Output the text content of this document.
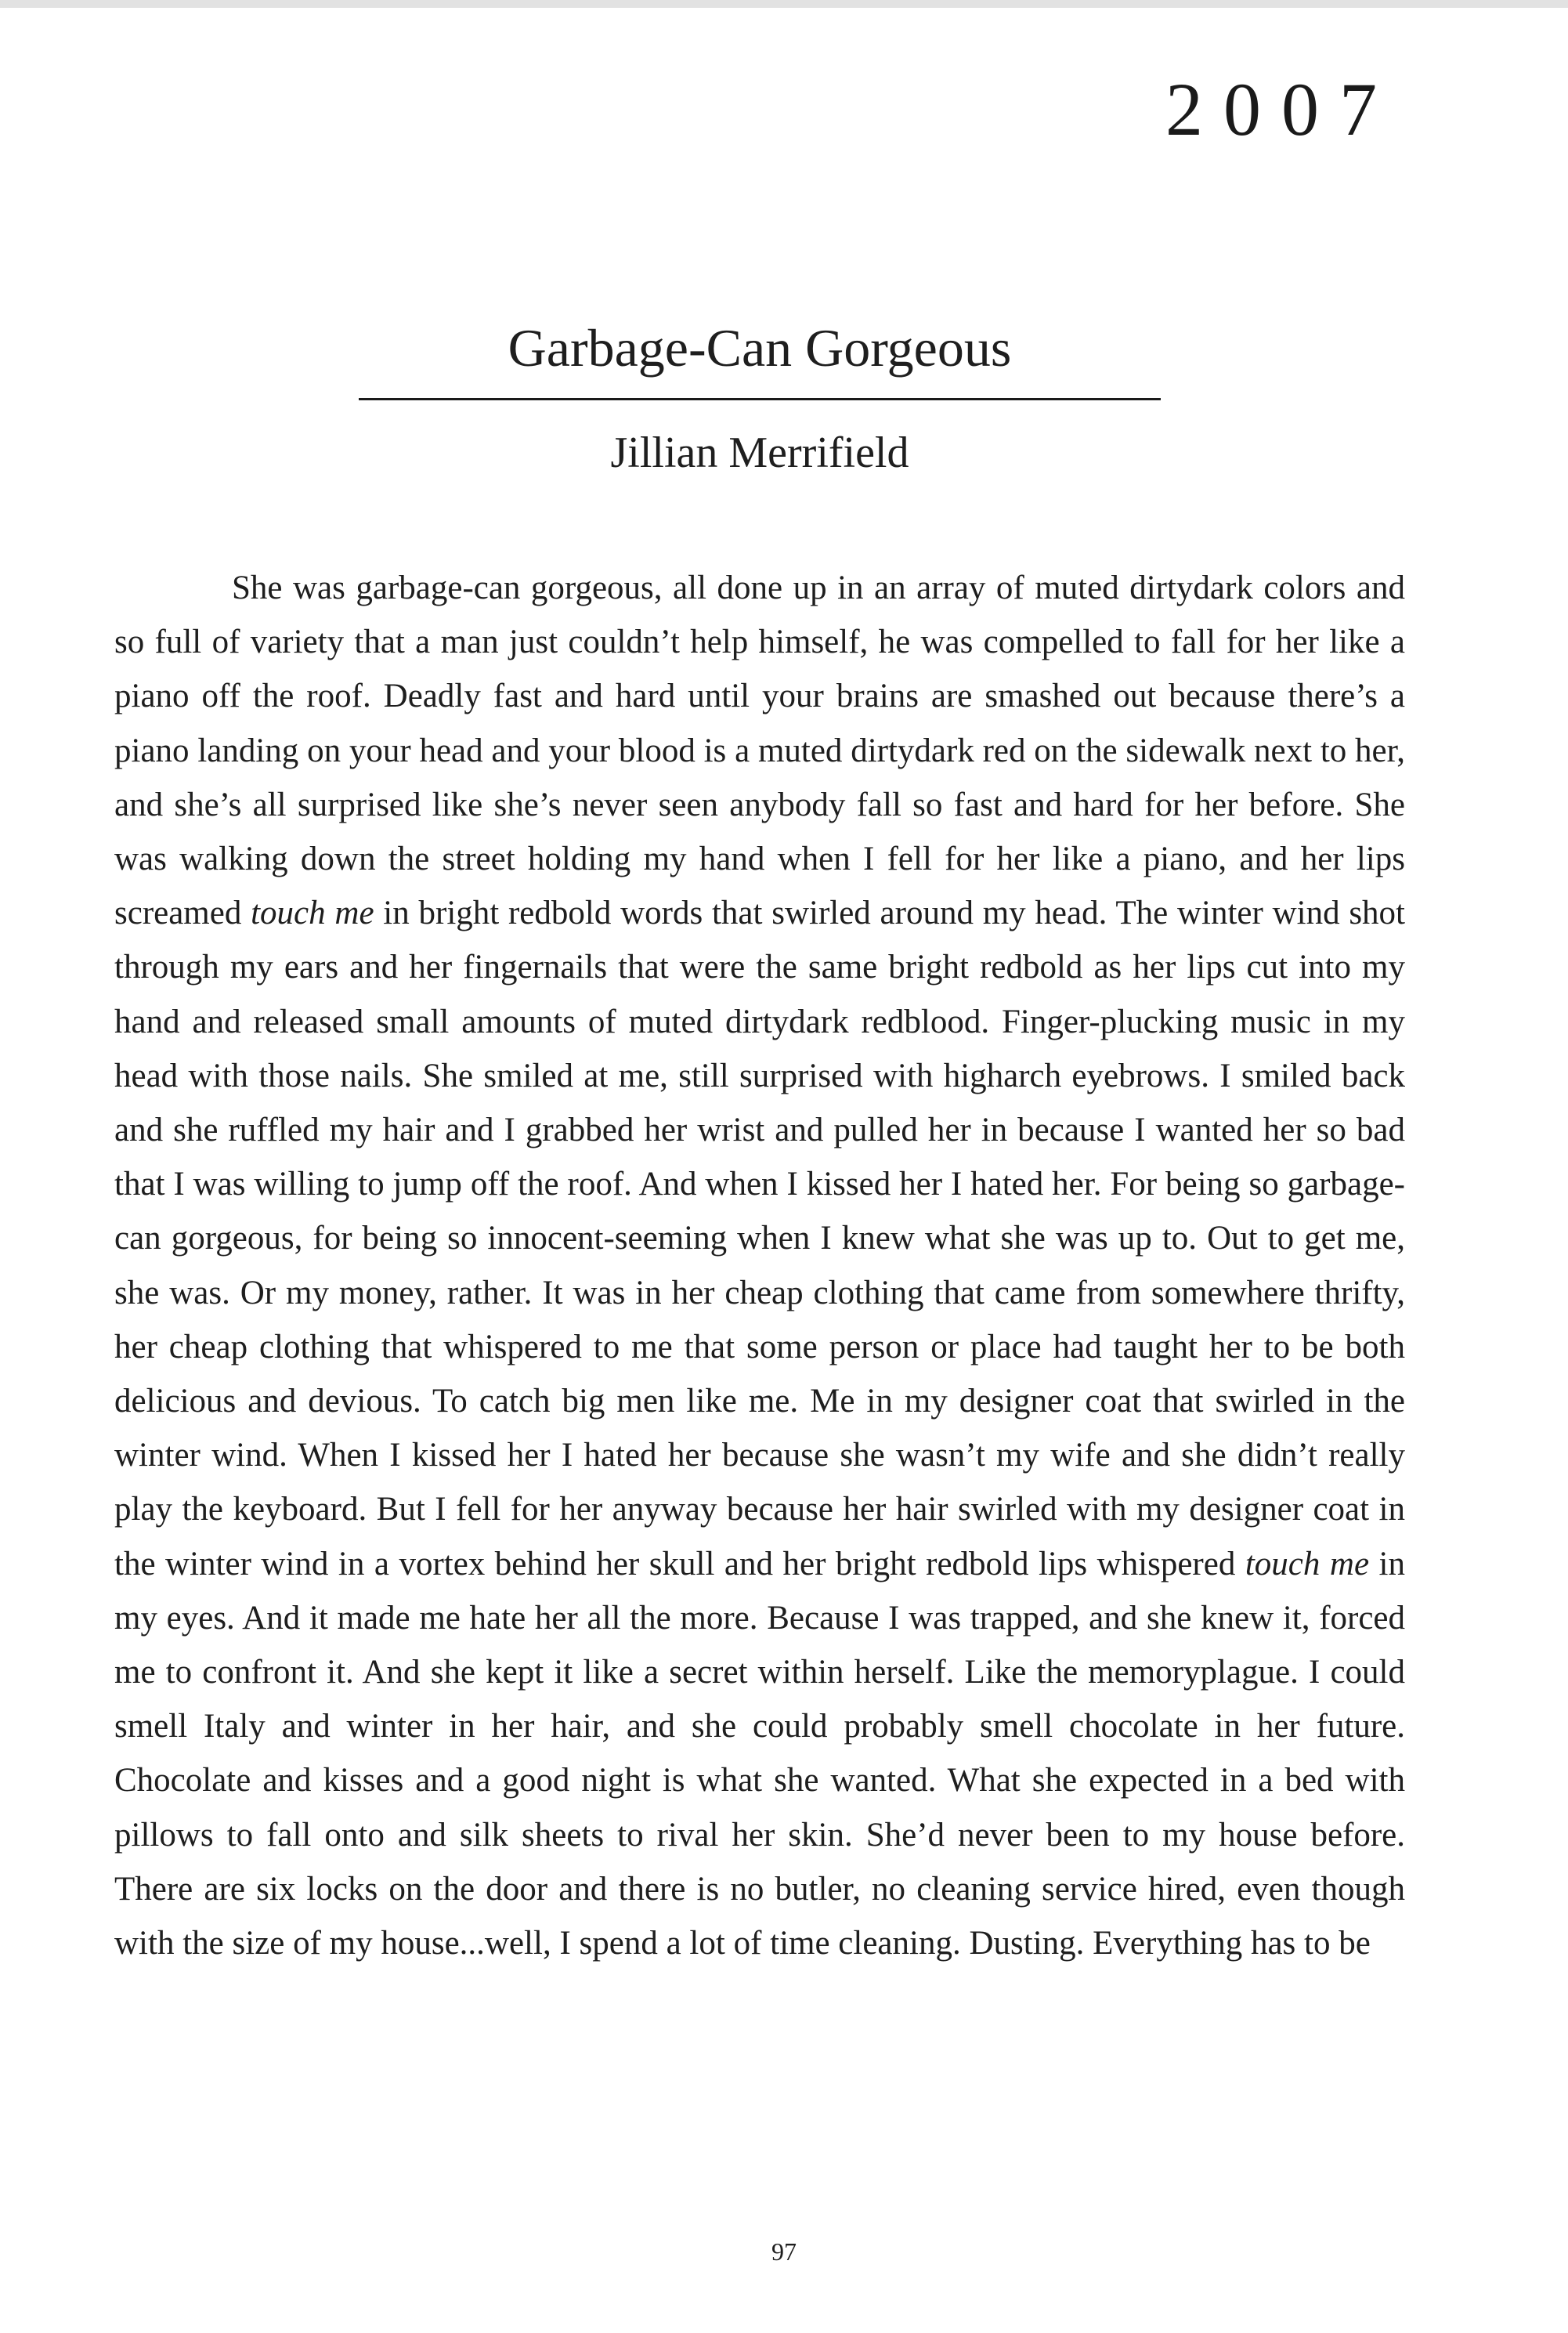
2007
Garbage-Can Gorgeous
Jillian Merrifield

She was garbage-can gorgeous, all done up in an array of muted dirtydark colors and so full of variety that a man just couldn’t help himself, he was compelled to fall for her like a piano off the roof. Deadly fast and hard until your brains are smashed out because there’s a piano landing on your head and your blood is a muted dirtydark red on the sidewalk next to her, and she’s all surprised like she’s never seen anybody fall so fast and hard for her before. She was walking down the street holding my hand when I fell for her like a piano, and her lips screamed touch me in bright redbold words that swirled around my head. The winter wind shot through my ears and her fingernails that were the same bright redbold as her lips cut into my hand and released small amounts of muted dirtydark redblood. Finger-plucking music in my head with those nails. She smiled at me, still surprised with higharch eyebrows. I smiled back and she ruffled my hair and I grabbed her wrist and pulled her in because I wanted her so bad that I was willing to jump off the roof. And when I kissed her I hated her. For being so garbage-can gorgeous, for being so innocent-seeming when I knew what she was up to. Out to get me, she was. Or my money, rather. It was in her cheap clothing that came from somewhere thrifty, her cheap clothing that whispered to me that some person or place had taught her to be both delicious and devious. To catch big men like me. Me in my designer coat that swirled in the winter wind. When I kissed her I hated her because she wasn’t my wife and she didn’t really play the keyboard. But I fell for her anyway because her hair swirled with my designer coat in the winter wind in a vortex behind her skull and her bright redbold lips whispered touch me in my eyes. And it made me hate her all the more. Because I was trapped, and she knew it, forced me to confront it. And she kept it like a secret within herself. Like the memoryplague. I could smell Italy and winter in her hair, and she could probably smell chocolate in her future. Chocolate and kisses and a good night is what she wanted. What she expected in a bed with pillows to fall onto and silk sheets to rival her skin. She’d never been to my house before. There are six locks on the door and there is no butler, no cleaning service hired, even though with the size of my house...well, I spend a lot of time cleaning. Dusting. Everything has to be

97
